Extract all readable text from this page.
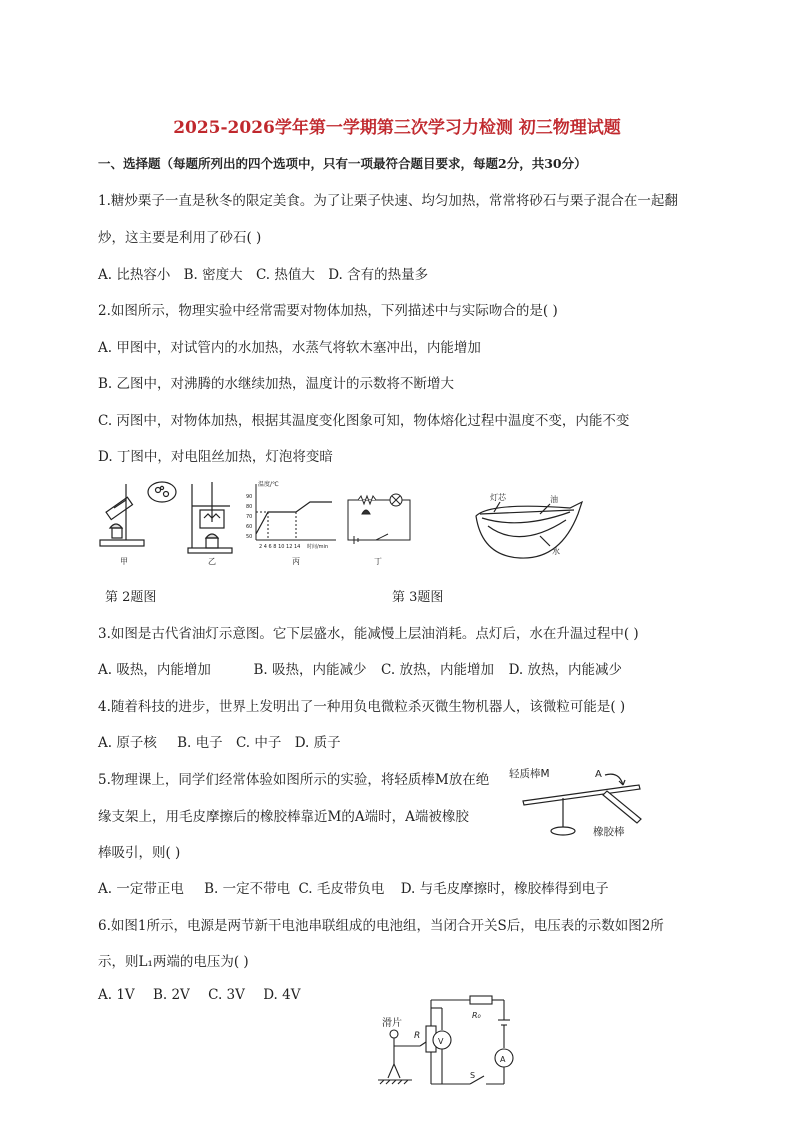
2025-2026学年第一学期第三次学习力检测 初三物理试题
一、选择题（每题所列出的四个选项中，只有一项最符合题目要求，每题2分，共30分）
1.糖炒栗子一直是秋冬的限定美食。为了让栗子快速、均匀加热，常常将砂石与栗子混合在一起翻
炒，这主要是利用了砂石( )
A. 比热容小 B. 密度大 C. 热值大 D. 含有的热量多
2.如图所示，物理实验中经常需要对物体加热，下列描述中与实际吻合的是( )
A. 甲图中，对试管内的水加热，水蒸气将软木塞冲出，内能增加
B. 乙图中，对沸腾的水继续加热，温度计的示数将不断增大
C. 丙图中，对物体加热，根据其温度变化图象可知，物体熔化过程中温度不变，内能不变
D. 丁图中，对电阻丝加热，灯泡将变暗
甲	乙
温度/℃
90
80
70
60
50
2 4 6 8 10 12 14 时间/min
丙	丁
灯芯	油
水
第 2题图	第 3题图
3.如图是古代省油灯示意图。它下层盛水，能减慢上层油消耗。点灯后，水在升温过程中( )
A. 吸热，内能增加	B. 吸热，内能减少 C. 放热，内能增加 D. 放热，内能减少
4.随着科技的进步，世界上发明出了一种用负电微粒杀灭微生物机器人，该微粒可能是( )
A. 原子核 B. 电子 C. 中子 D. 质子
5.物理课上，同学们经常体验如图所示的实验，将轻质棒M放在绝
缘支架上，用毛皮摩擦后的橡胶棒靠近M的A端时，A端被橡胶
棒吸引，则( )
A. 一定带正电 B. 一定不带电 C. 毛皮带负电 D. 与毛皮摩擦时，橡胶棒得到电子
轻质棒M	A
橡胶棒
6.如图1所示，电源是两节新干电池串联组成的电池组，当闭合开关S后，电压表的示数如图2所
示，则L₁两端的电压为( )
A. 1V B. 2V C. 3V D. 4V
滑片
R
R₀
V
A
S
